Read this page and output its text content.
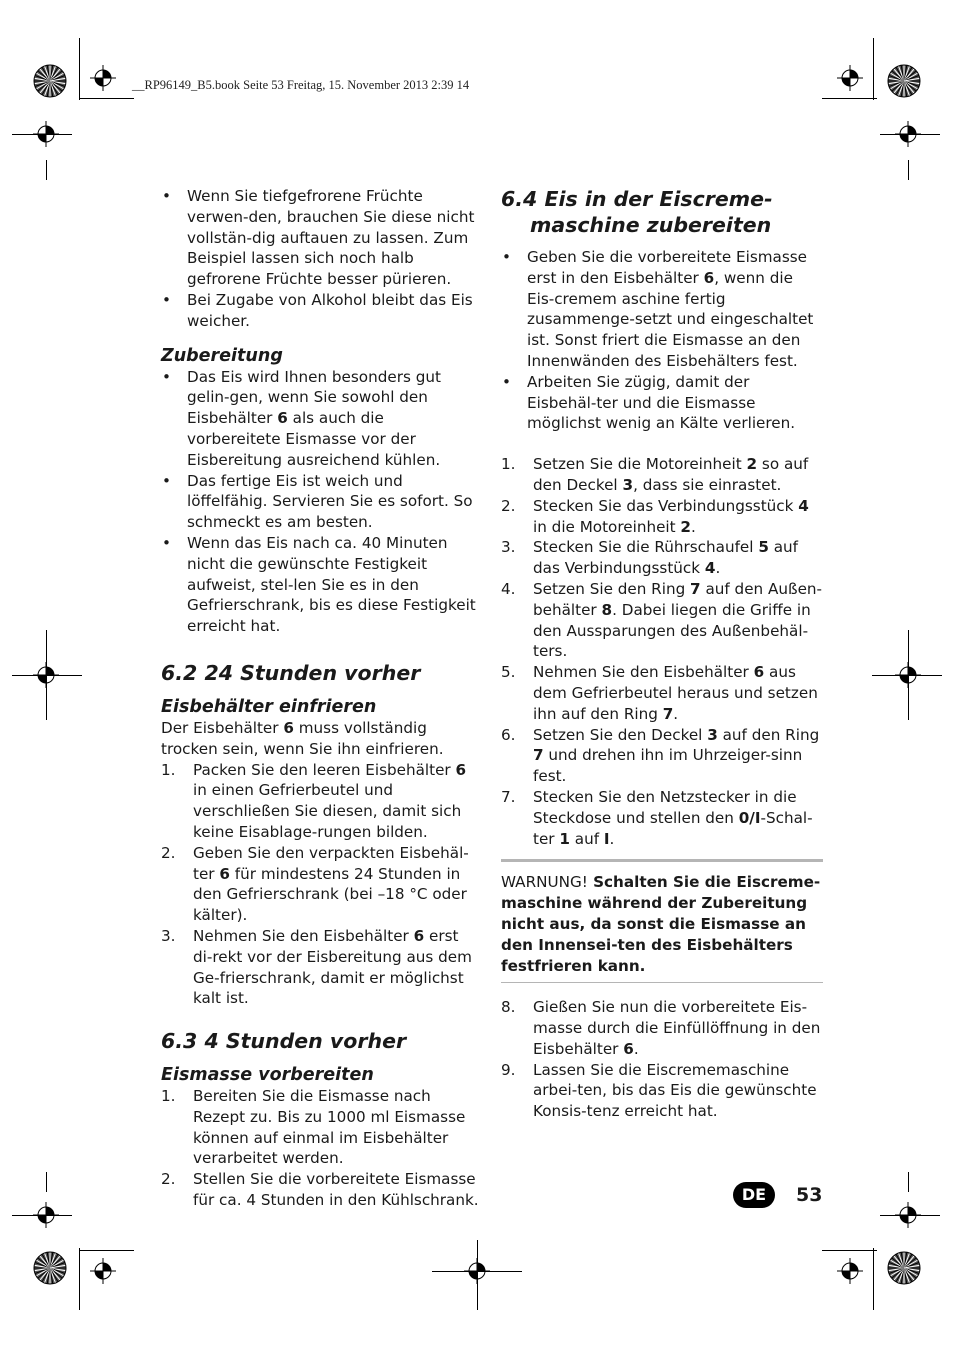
__RP96149_B5.book Seite 53 Freitag, 15. November 2013 2:39 14
• Wenn Sie tiefgefrorene Früchte verwen-den, brauchen Sie diese nicht vollstän-dig auftauen zu lassen. Zum Beispiel lassen sich noch halb gefrorene Früchte besser pürieren.
• Bei Zugabe von Alkohol bleibt das Eis weicher.
Zubereitung
• Das Eis wird Ihnen besonders gut gelin-gen, wenn Sie sowohl den Eisbehälter 6 als auch die vorbereitete Eismasse vor der Eisbereitung ausreichend kühlen.
• Das fertige Eis ist weich und löffelfähig. Servieren Sie es sofort. So schmeckt es am besten.
• Wenn das Eis nach ca. 40 Minuten nicht die gewünschte Festigkeit aufweist, stel-len Sie es in den Gefrierschrank, bis es diese Festigkeit erreicht hat.
6.2 24 Stunden vorher
Eisbehälter einfrieren
Der Eisbehälter 6 muss vollständig trocken sein, wenn Sie ihn einfrieren.
1. Packen Sie den leeren Eisbehälter 6 in einen Gefrierbeutel und verschließen Sie diesen, damit sich keine Eisablage-rungen bilden.
2. Geben Sie den verpackten Eisbehäl-ter 6 für mindestens 24 Stunden in den Gefrierschrank (bei –18 °C oder kälter).
3. Nehmen Sie den Eisbehälter 6 erst di-rekt vor der Eisbereitung aus dem Ge-frierschrank, damit er möglichst kalt ist.
6.3 4 Stunden vorher
Eismasse vorbereiten
1. Bereiten Sie die Eismasse nach Rezept zu. Bis zu 1000 ml Eismasse können auf einmal im Eisbehälter verarbeitet werden.
2. Stellen Sie die vorbereitete Eismasse für ca. 4 Stunden in den Kühlschrank.
6.4 Eis in der Eiscreme-
maschine zubereiten
• Geben Sie die vorbereitete Eismasse erst in den Eisbehälter 6, wenn die Eis-cremem aschine fertig zusammenge-setzt und eingeschaltet ist. Sonst friert die Eismasse an den Innenwänden des Eisbehälters fest.
• Arbeiten Sie zügig, damit der Eisbehäl-ter und die Eismasse möglichst wenig an Kälte verlieren.
1. Setzen Sie die Motoreinheit 2 so auf den Deckel 3, dass sie einrastet.
2. Stecken Sie das Verbindungsstück 4 in die Motoreinheit 2.
3. Stecken Sie die Rührschaufel 5 auf das Verbindungsstück 4.
4. Setzen Sie den Ring 7 auf den Außen-behälter 8. Dabei liegen die Griffe in den Aussparungen des Außenbehäl-ters.
5. Nehmen Sie den Eisbehälter 6 aus dem Gefrierbeutel heraus und setzen ihn auf den Ring 7.
6. Setzen Sie den Deckel 3 auf den Ring 7 und drehen ihn im Uhrzeiger-sinn fest.
7. Stecken Sie den Netzstecker in die Steckdose und stellen den 0/I-Schal-ter 1 auf I.
WARNUNG! Schalten Sie die Eiscreme-maschine während der Zubereitung nicht aus, da sonst die Eismasse an den Innensei-ten des Eisbehälters festfrieren kann.
8. Gießen Sie nun die vorbereitete Eis-masse durch die Einfüllöffnung in den Eisbehälter 6.
9. Lassen Sie die Eiscrememaschine arbei-ten, bis das Eis die gewünschte Konsis-tenz erreicht hat.
DE	53
